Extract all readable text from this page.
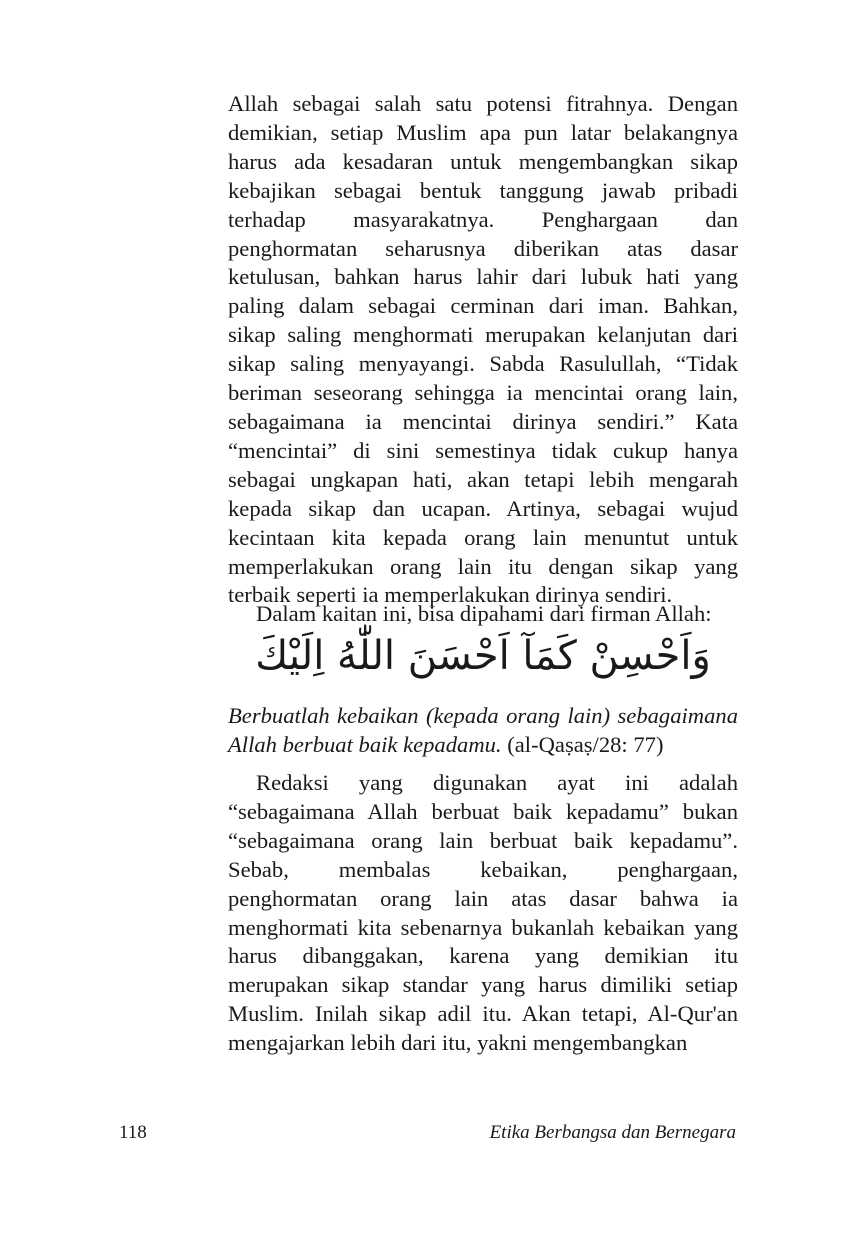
Allah sebagai salah satu potensi fitrahnya. Dengan demikian, setiap Muslim apa pun latar belakangnya harus ada kesadaran untuk mengembangkan sikap kebajikan sebagai bentuk tanggung jawab pribadi terhadap masyarakatnya. Penghargaan dan penghormatan seharusnya diberikan atas dasar ketulusan, bahkan harus lahir dari lubuk hati yang paling dalam sebagai cerminan dari iman. Bahkan, sikap saling menghormati merupakan kelanjutan dari sikap saling menyayangi. Sabda Rasulullah, “Tidak beriman seseorang sehingga ia mencintai orang lain, sebagaimana ia mencintai dirinya sendiri.” Kata “mencintai” di sini semestinya tidak cukup hanya sebagai ungkapan hati, akan tetapi lebih mengarah kepada sikap dan ucapan. Artinya, sebagai wujud kecintaan kita kepada orang lain menuntut untuk memperlakukan orang lain itu dengan sikap yang terbaik seperti ia memperlakukan dirinya sendiri.

Dalam kaitan ini, bisa dipahami dari firman Allah:

وَاَحْسِنْ كَمَآ اَحْسَنَ اللّٰهُ اِلَيْكَ
Berbuatlah kebaikan (kepada orang lain) sebagaimana Allah berbuat baik kepadamu. (al-Qaṣaṣ/28: 77)

Redaksi yang digunakan ayat ini adalah “sebagaimana Allah berbuat baik kepadamu” bukan “sebagaimana orang lain berbuat baik kepadamu”. Sebab, membalas kebaikan, penghargaan, penghormatan orang lain atas dasar bahwa ia menghormati kita sebenarnya bukanlah kebaikan yang harus dibanggakan, karena yang demikian itu merupakan sikap standar yang harus dimiliki setiap Muslim. Inilah sikap adil itu. Akan tetapi, Al-Qur'an mengajarkan lebih dari itu, yakni mengembangkan

118	Etika Berbangsa dan Bernegara
